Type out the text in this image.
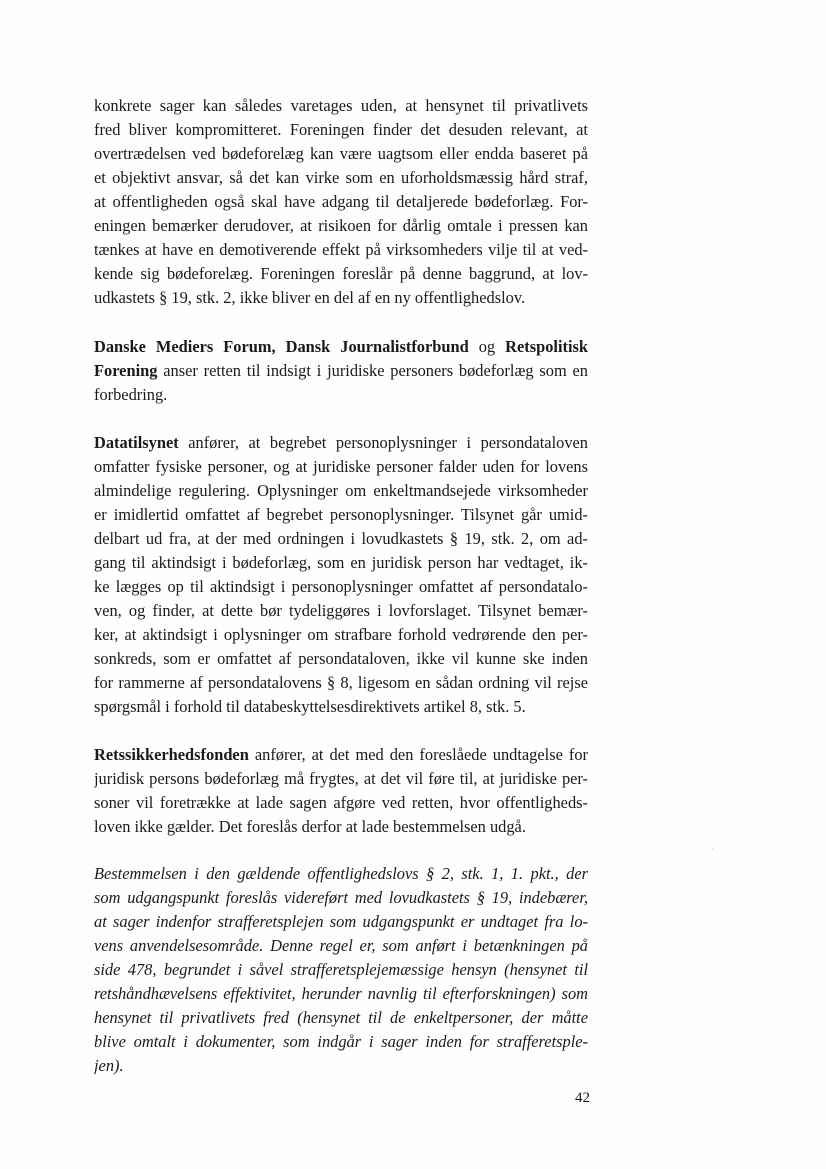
konkrete sager kan således varetages uden, at hensynet til privatlivets
fred bliver kompromitteret. Foreningen finder det desuden relevant, at
overtrædelsen ved bødeforelæg kan være uagtsom eller endda baseret på
et objektivt ansvar, så det kan virke som en uforholdsmæssig hård straf,
at offentligheden også skal have adgang til detaljerede bødeforlæg. For-
eningen bemærker derudover, at risikoen for dårlig omtale i pressen kan
tænkes at have en demotiverende effekt på virksomheders vilje til at ved-
kende sig bødeforelæg. Foreningen foreslår på denne baggrund, at lov-
udkastets § 19, stk. 2, ikke bliver en del af en ny offentlighedslov.
Danske Mediers Forum, Dansk Journalistforbund og Retspolitisk
Forening anser retten til indsigt i juridiske personers bødeforlæg som en
forbedring.
Datatilsynet anfører, at begrebet personoplysninger i persondataloven
omfatter fysiske personer, og at juridiske personer falder uden for lovens
almindelige regulering. Oplysninger om enkeltmandsejede virksomheder
er imidlertid omfattet af begrebet personoplysninger. Tilsynet går umid-
delbart ud fra, at der med ordningen i lovudkastets § 19, stk. 2, om ad-
gang til aktindsigt i bødeforlæg, som en juridisk person har vedtaget, ik-
ke lægges op til aktindsigt i personoplysninger omfattet af persondatalo-
ven, og finder, at dette bør tydeliggøres i lovforslaget. Tilsynet bemær-
ker, at aktindsigt i oplysninger om strafbare forhold vedrørende den per-
sonkreds, som er omfattet af persondataloven, ikke vil kunne ske inden
for rammerne af persondatalovens § 8, ligesom en sådan ordning vil rejse
spørgsmål i forhold til databeskyttelsesdirektivets artikel 8, stk. 5.
Retssikkerhedsfonden anfører, at det med den foreslåede undtagelse for
juridisk persons bødeforlæg må frygtes, at det vil føre til, at juridiske per-
soner vil foretrække at lade sagen afgøre ved retten, hvor offentligheds-
loven ikke gælder. Det foreslås derfor at lade bestemmelsen udgå.
Bestemmelsen i den gældende offentlighedslovs § 2, stk. 1, 1. pkt., der
som udgangspunkt foreslås videreført med lovudkastets § 19, indebærer,
at sager indenfor strafferetsplejen som udgangspunkt er undtaget fra lo-
vens anvendelsesområde. Denne regel er, som anført i betænkningen på
side 478, begrundet i såvel strafferetsplejemæssige hensyn (hensynet til
retshåndhævelsens effektivitet, herunder navnlig til efterforskningen) som
hensynet til privatlivets fred (hensynet til de enkeltpersoner, der måtte
blive omtalt i dokumenter, som indgår i sager inden for strafferetsple-
jen).
42
